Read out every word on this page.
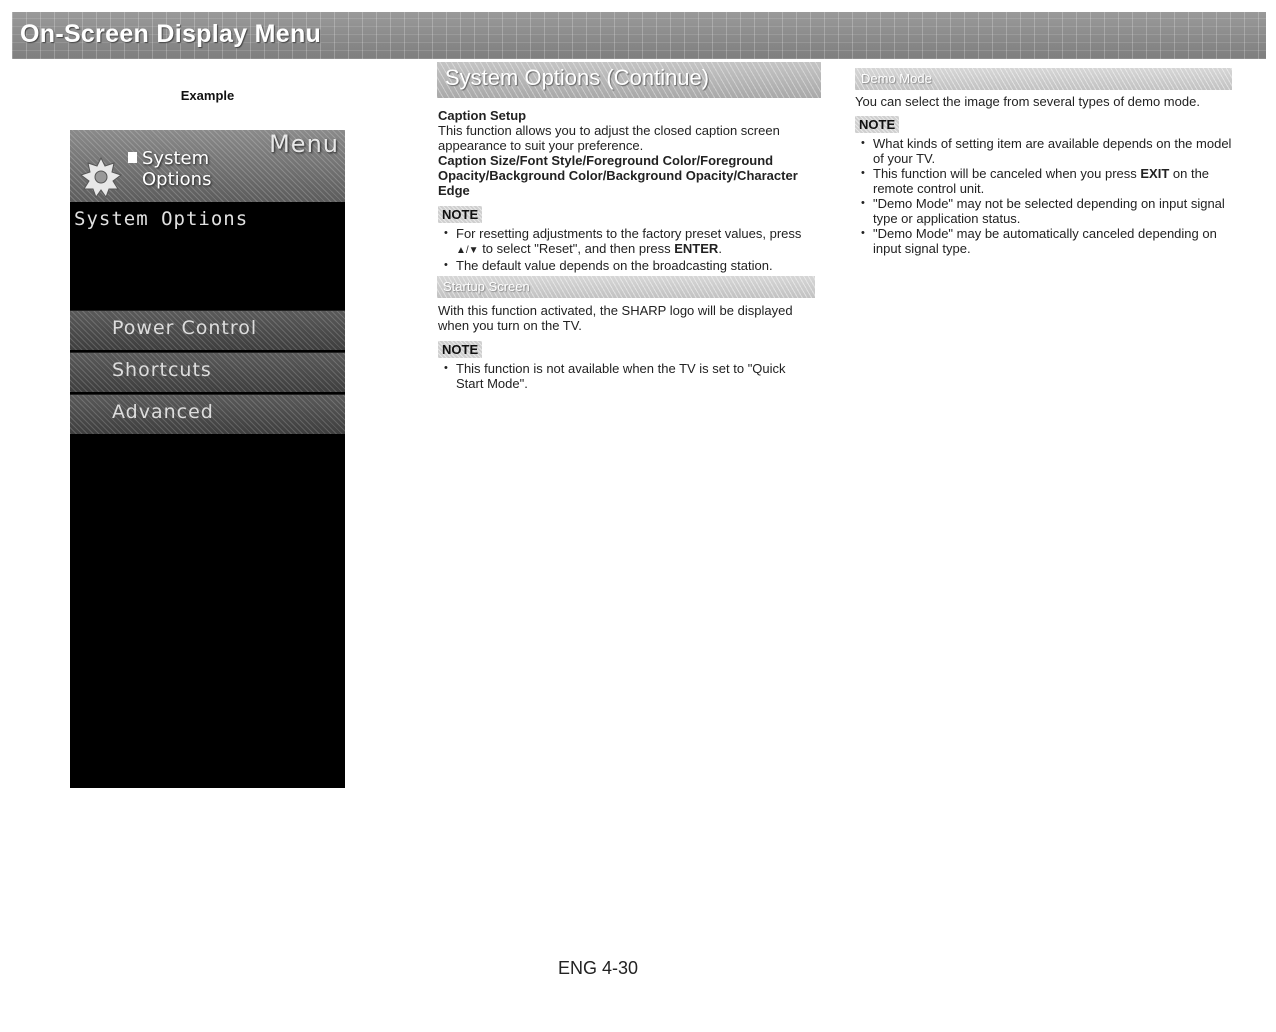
On-Screen Display Menu
Example
Menu
System
Options
System Options
Power Control
Shortcuts
Advanced
System Options (Continue)

Caption Setup

This function allows you to adjust the closed caption screen appearance to suit your preference.

Caption Size/Font Style/Foreground Color/Foreground Opacity/Background Color/Background Opacity/Character Edge

NOTE
• For resetting adjustments to the factory preset values, press ▲/▼ to select "Reset", and then press ENTER.
• The default value depends on the broadcasting station.
Startup Screen

With this function activated, the SHARP logo will be displayed when you turn on the TV.

NOTE
• This function is not available when the TV is set to "Quick Start Mode".
Demo Mode

You can select the image from several types of demo mode.

NOTE
• What kinds of setting item are available depends on the model of your TV.
• This function will be canceled when you press EXIT on the remote control unit.
• "Demo Mode" may not be selected depending on input signal type or application status.
• "Demo Mode" may be automatically canceled depending on input signal type.
ENG 4-30
